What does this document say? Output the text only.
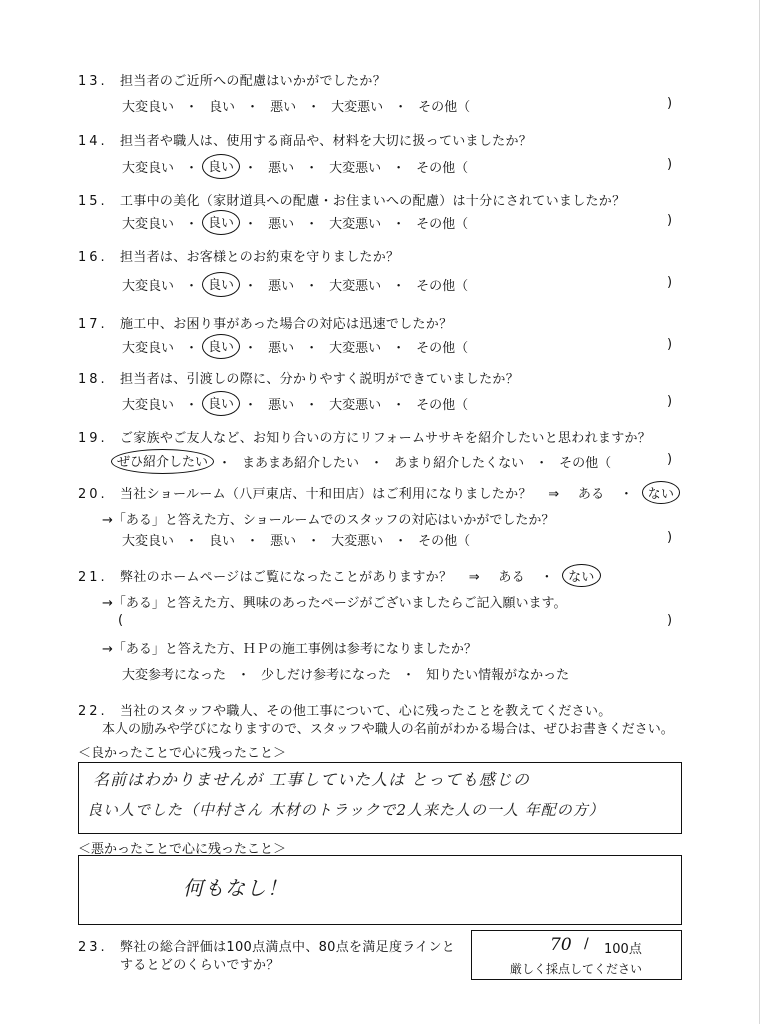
13. 担当者のご近所への配慮はいかがでしたか？
大変良い ・ 良い ・ 悪い ・ 大変悪い ・ その他（	)
14. 担当者や職人は、使用する商品や、材料を大切に扱っていましたか？
大変良い ・ 良い ・ 悪い ・ 大変悪い ・ その他（	)
15. 工事中の美化（家財道具への配慮・お住まいへの配慮）は十分にされていましたか？
大変良い ・ 良い ・ 悪い ・ 大変悪い ・ その他（	)
16. 担当者は、お客様とのお約束を守りましたか？
大変良い ・ 良い ・ 悪い ・ 大変悪い ・ その他（	)
17. 施工中、お困り事があった場合の対応は迅速でしたか？
大変良い ・ 良い ・ 悪い ・ 大変悪い ・ その他（	)
18. 担当者は、引渡しの際に、分かりやすく説明ができていましたか？
大変良い ・ 良い ・ 悪い ・ 大変悪い ・ その他（	)
19. ご家族やご友人など、お知り合いの方にリフォームササキを紹介したいと思われますか？
ぜひ紹介したい ・ まあまあ紹介したい ・ あまり紹介したくない ・ その他（	)
20. 当社ショールーム（八戸東店、十和田店）はご利用になりましたか？ ⇒ ある ・ ない
→「ある」と答えた方、ショールームでのスタッフの対応はいかがでしたか？
大変良い ・ 良い ・ 悪い ・ 大変悪い ・ その他（	)
21. 弊社のホームページはご覧になったことがありますか？ ⇒ ある ・ ない
→「ある」と答えた方、興味のあったページがございましたらご記入願います。
(	)
→「ある」と答えた方、ＨＰの施工事例は参考になりましたか？
大変参考になった ・ 少しだけ参考になった ・ 知りたい情報がなかった
22. 当社のスタッフや職人、その他工事について、心に残ったことを教えてください。
本人の励みや学びになりますので、スタッフや職人の名前がわかる場合は、ぜひお書きください。
＜良かったことで心に残ったこと＞
名前はわかりませんが 工事していた人は とっても感じの
良い人でした（中村さん 木材のトラックで2人来た人の一人 年配の方）
＜悪かったことで心に残ったこと＞
何もなし！
23. 弊社の総合評価は100点満点中、80点を満足度ラインと
するとどのくらいですか？
70 / 100点
厳しく採点してください
